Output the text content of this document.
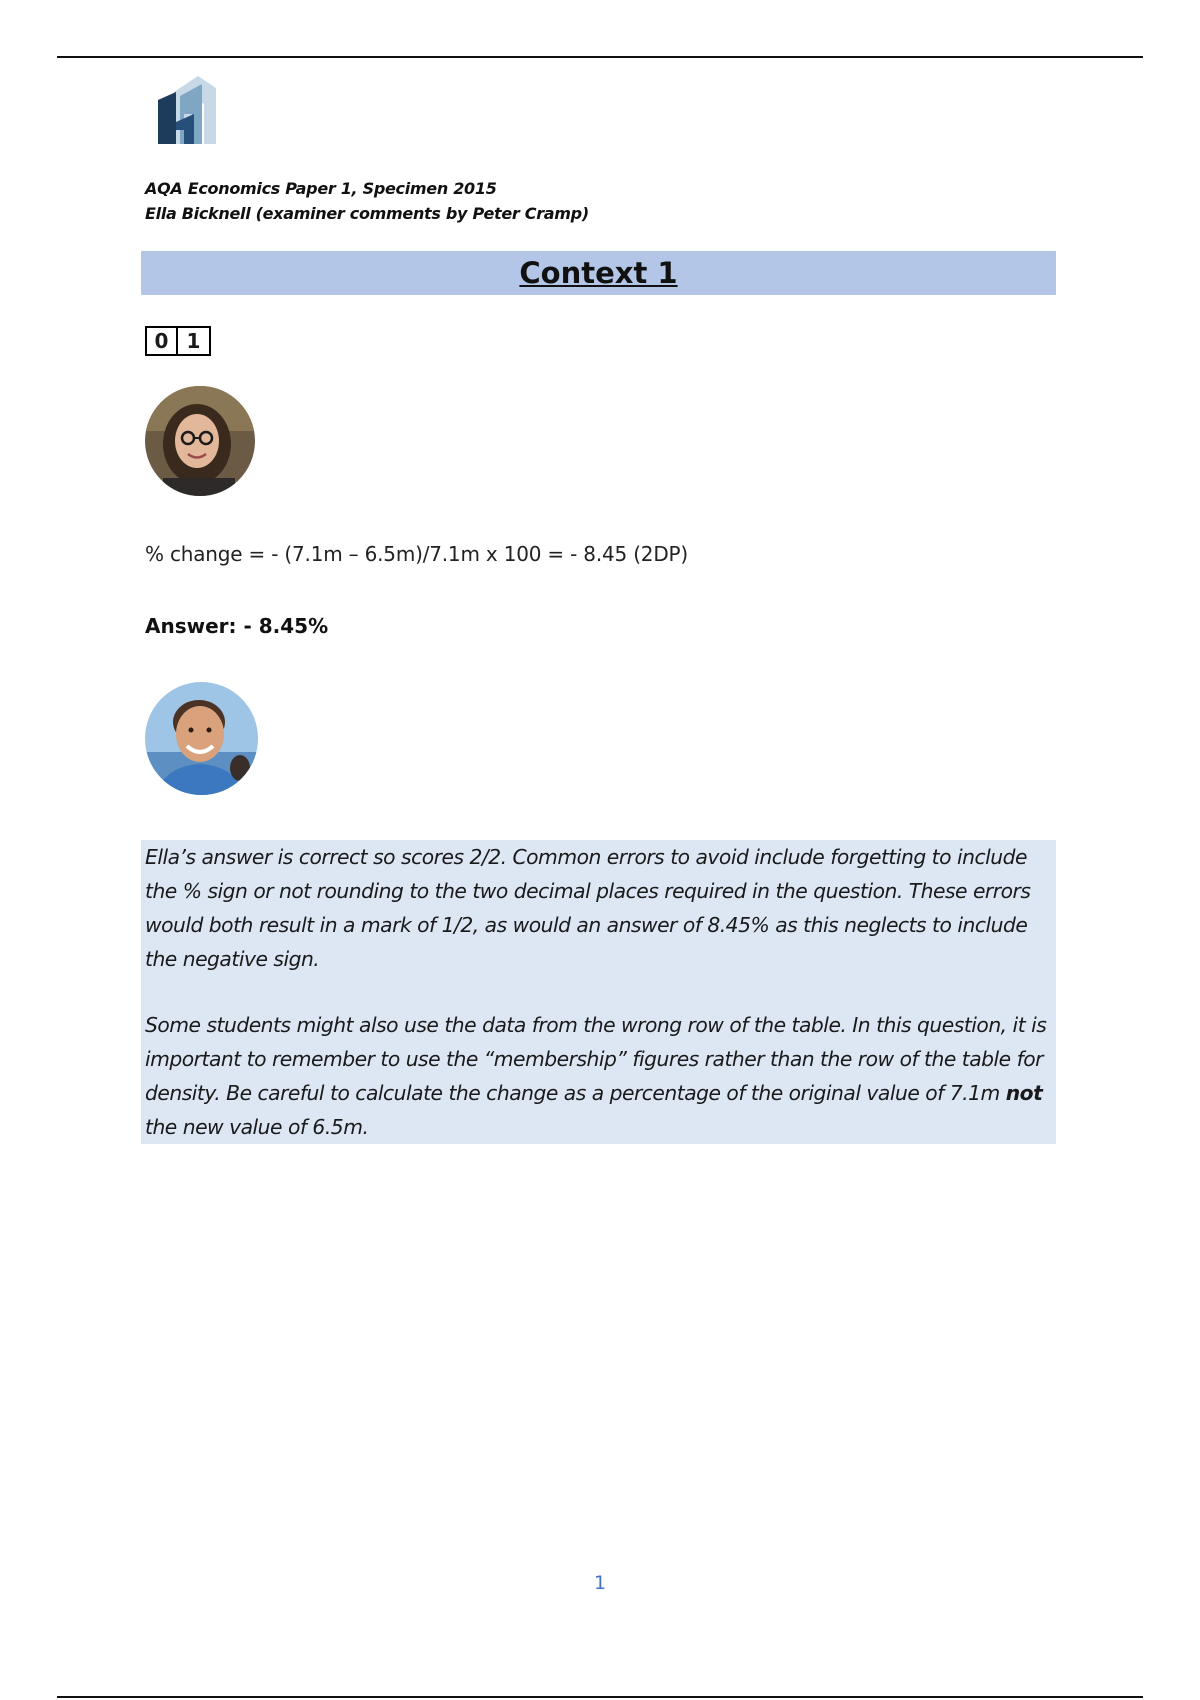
AQA Economics Paper 1, Specimen 2015
Ella Bicknell (examiner comments by Peter Cramp)
Context 1
0 1
% change = - (7.1m – 6.5m)/7.1m x 100 = - 8.45 (2DP)
Answer: - 8.45%

Ella’s answer is correct so scores 2/2. Common errors to avoid include forgetting to include the % sign or not rounding to the two decimal places required in the question. These errors would both result in a mark of 1/2, as would an answer of 8.45% as this neglects to include the negative sign.

Some students might also use the data from the wrong row of the table. In this question, it is important to remember to use the “membership” figures rather than the row of the table for density. Be careful to calculate the change as a percentage of the original value of 7.1m not the new value of 6.5m.

1
